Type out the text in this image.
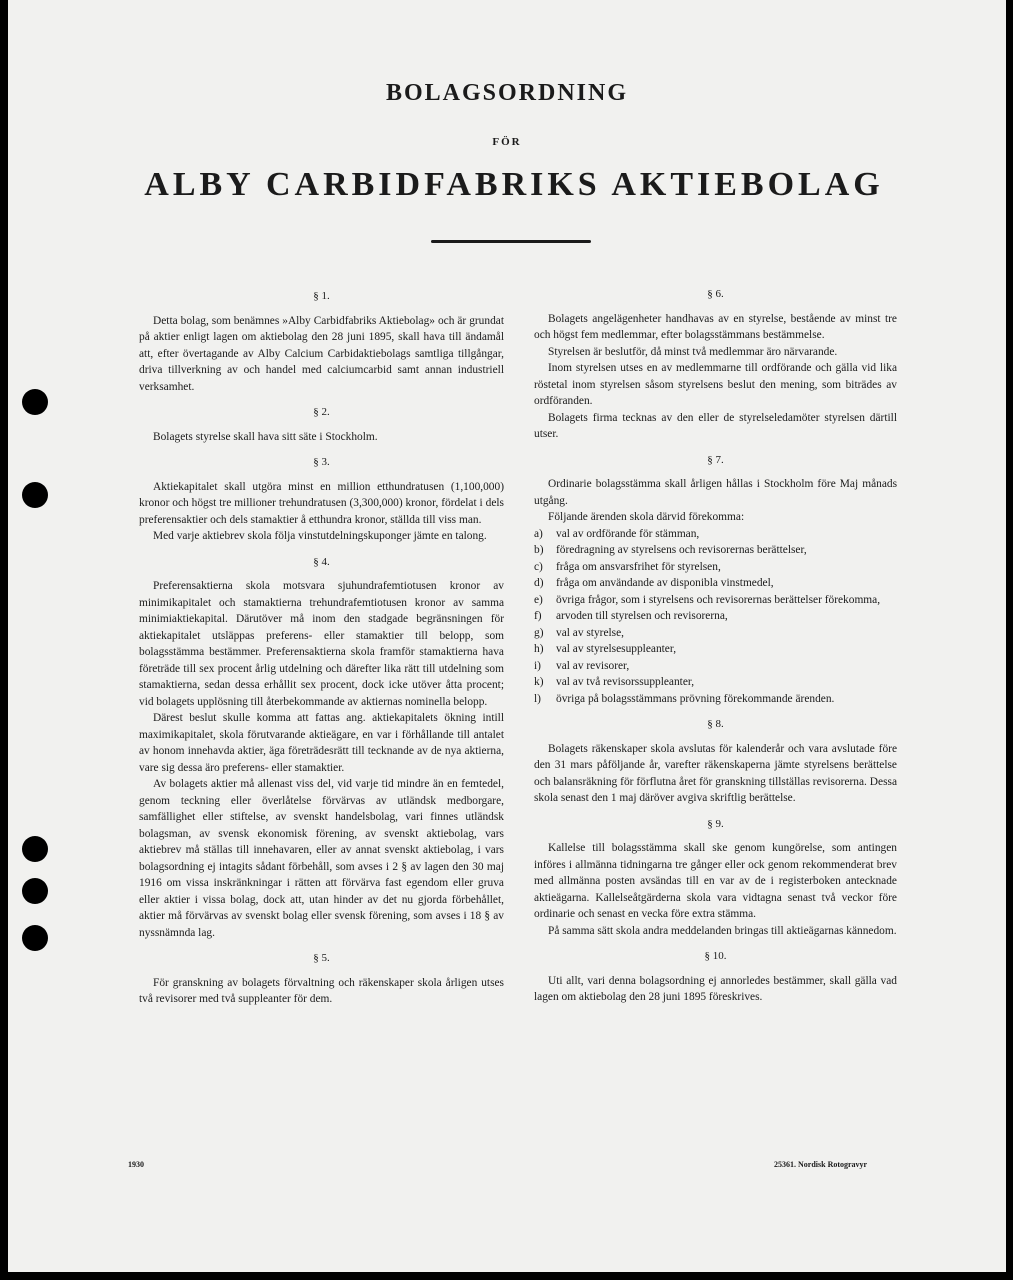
BOLAGSORDNING
FÖR
ALBY CARBIDFABRIKS AKTIEBOLAG
§ 1.

Detta bolag, som benämnes »Alby Carbidfabriks Aktiebolag» och är grundat på aktier enligt lagen om aktiebolag den 28 juni 1895, skall hava till ändamål att, efter övertagande av Alby Calcium Carbidaktiebolags samtliga tillgångar, driva tillverkning av och handel med calciumcarbid samt annan industriell verksamhet.

§ 2.

Bolagets styrelse skall hava sitt säte i Stockholm.

§ 3.

Aktiekapitalet skall utgöra minst en million etthundratusen (1,100,000) kronor och högst tre millioner trehundratusen (3,300,000) kronor, fördelat i dels preferensaktier och dels stamaktier å etthundra kronor, ställda till viss man.

Med varje aktiebrev skola följa vinstutdelningskuponger jämte en talong.

§ 4.

Preferensaktierna skola motsvara sjuhundrafemtiotusen kronor av minimikapitalet och stamaktierna trehundrafemtiotusen kronor av samma minimiaktiekapital. Därutöver må inom den stadgade begränsningen för aktiekapitalet utsläppas preferens- eller stamaktier till belopp, som bolagsstämma bestämmer. Preferensaktierna skola framför stamaktierna hava företräde till sex procent årlig utdelning och därefter lika rätt till utdelning som stamaktierna, sedan dessa erhållit sex procent, dock icke utöver åtta procent; vid bolagets upplösning till återbekommande av aktiernas nominella belopp.

Därest beslut skulle komma att fattas ang. aktiekapitalets ökning intill maximikapitalet, skola förutvarande aktieägare, en var i förhållande till antalet av honom innehavda aktier, äga företrädesrätt till tecknande av de nya aktierna, vare sig dessa äro preferens- eller stamaktier.

Av bolagets aktier må allenast viss del, vid varje tid mindre än en femtedel, genom teckning eller överlåtelse förvärvas av utländsk medborgare, samfällighet eller stiftelse, av svenskt handelsbolag, vari finnes utländsk bolagsman, av svensk ekonomisk förening, av svenskt aktiebolag, vars aktiebrev må ställas till innehavaren, eller av annat svenskt aktiebolag, i vars bolagsordning ej intagits sådant förbehåll, som avses i 2 § av lagen den 30 maj 1916 om vissa inskränkningar i rätten att förvärva fast egendom eller gruva eller aktier i vissa bolag, dock att, utan hinder av det nu gjorda förbehållet, aktier må förvärvas av svenskt bolag eller svensk förening, som avses i 18 § av nyssnämnda lag.

§ 5.

För granskning av bolagets förvaltning och räkenskaper skola årligen utses två revisorer med två suppleanter för dem.

§ 6.

Bolagets angelägenheter handhavas av en styrelse, bestående av minst tre och högst fem medlemmar, efter bolagsstämmans bestämmelse.

Styrelsen är beslutför, då minst två medlemmar äro närvarande.

Inom styrelsen utses en av medlemmarne till ordförande och gälla vid lika röstetal inom styrelsen såsom styrelsens beslut den mening, som biträdes av ordföranden.

Bolagets firma tecknas av den eller de styrelseledamöter styrelsen därtill utser.

§ 7.

Ordinarie bolagsstämma skall årligen hållas i Stockholm före Maj månads utgång.

Följande ärenden skola därvid förekomma:

a) val av ordförande för stämman,
b) föredragning av styrelsens och revisorernas berättelser,
c) fråga om ansvarsfrihet för styrelsen,
d) fråga om användande av disponibla vinstmedel,
e) övriga frågor, som i styrelsens och revisorernas berättelser förekomma,
f) arvoden till styrelsen och revisorerna,
g) val av styrelse,
h) val av styrelsesuppleanter,
i) val av revisorer,
k) val av två revisorssuppleanter,
l) övriga på bolagsstämmans prövning förekommande ärenden.
§ 8.

Bolagets räkenskaper skola avslutas för kalenderår och vara avslutade före den 31 mars påföljande år, varefter räkenskaperna jämte styrelsens berättelse och balansräkning för förflutna året för granskning tillställas revisorerna. Dessa skola senast den 1 maj däröver avgiva skriftlig berättelse.

§ 9.

Kallelse till bolagsstämma skall ske genom kungörelse, som antingen införes i allmänna tidningarna tre gånger eller ock genom rekommenderat brev med allmänna posten avsändas till en var av de i registerboken antecknade aktieägarna. Kallelseåtgärderna skola vara vidtagna senast två veckor före ordinarie och senast en vecka före extra stämma.

På samma sätt skola andra meddelanden bringas till aktieägarnas kännedom.

§ 10.

Uti allt, vari denna bolagsordning ej annorledes bestämmer, skall gälla vad lagen om aktiebolag den 28 juni 1895 föreskrives.

1930	25361. Nordisk Rotogravyr
